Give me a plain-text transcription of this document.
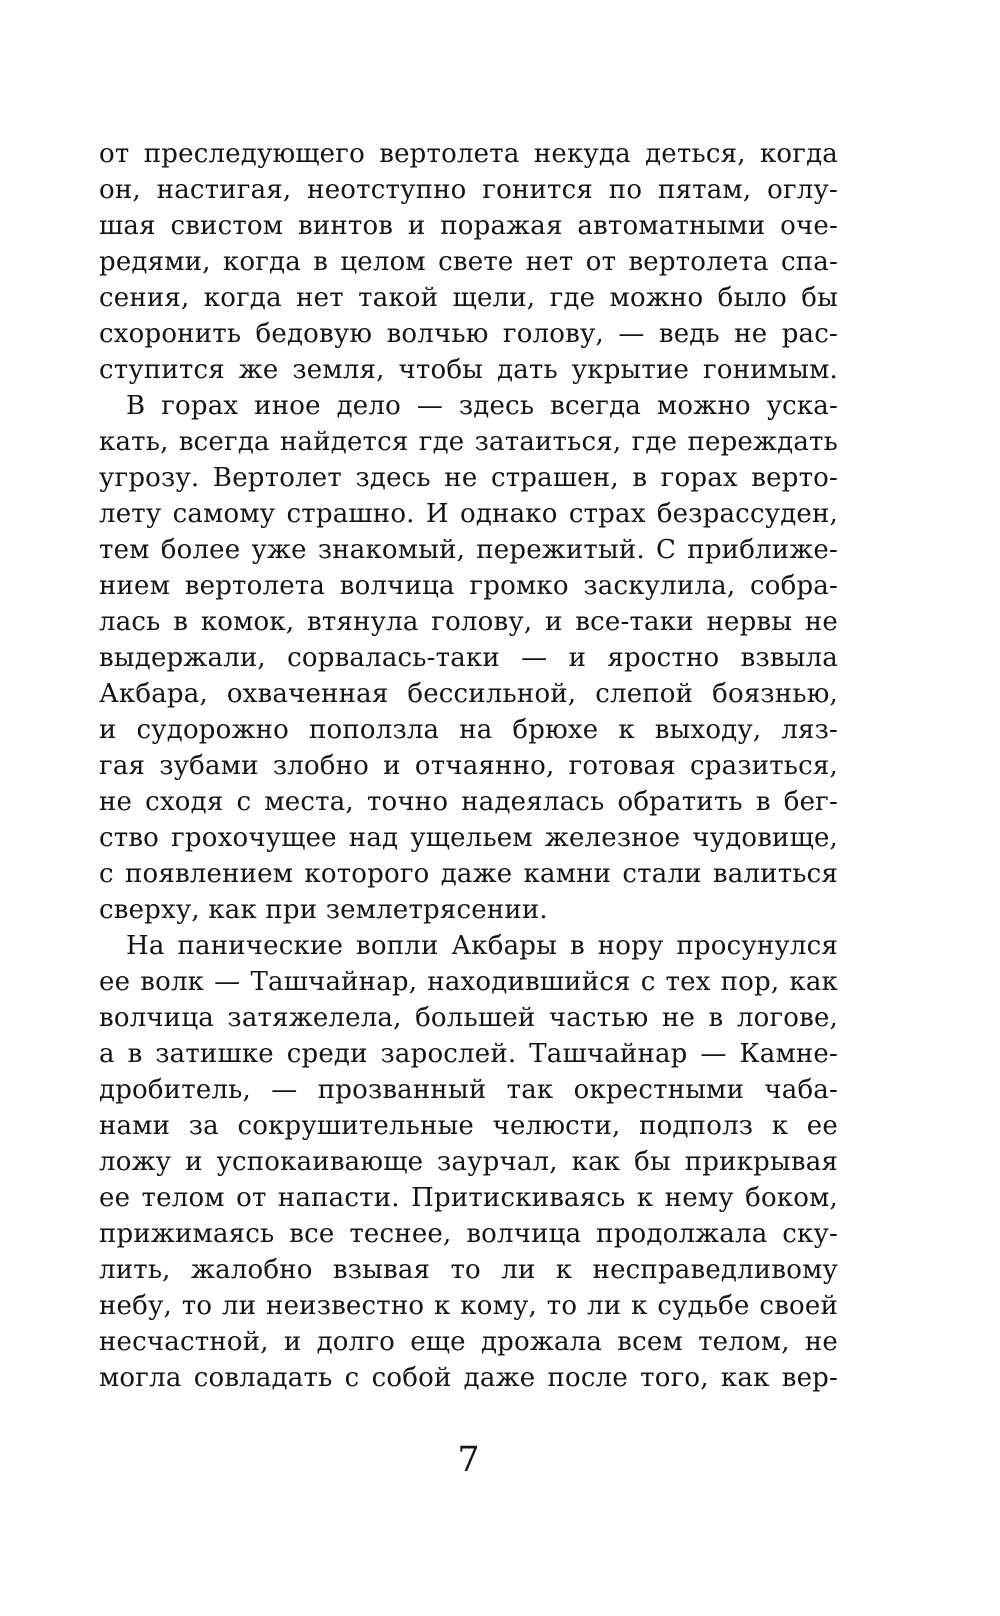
от преследующего вертолета некуда деться, когда
он, настигая, неотступно гонится по пятам, оглу-
шая свистом винтов и поражая автоматными оче-
редями, когда в целом свете нет от вертолета спа-
сения, когда нет такой щели, где можно было бы
схоронить бедовую волчью голову, — ведь не рас-
ступится же земля, чтобы дать укрытие гонимым.
В горах иное дело — здесь всегда можно уска-
кать, всегда найдется где затаиться, где переждать
угрозу. Вертолет здесь не страшен, в горах верто-
лету самому страшно. И однако страх безрассуден,
тем более уже знакомый, пережитый. С приближе-
нием вертолета волчица громко заскулила, собра-
лась в комок, втянула голову, и все-таки нервы не
выдержали, сорвалась-таки — и яростно взвыла
Акбара, охваченная бессильной, слепой боязнью,
и судорожно поползла на брюхе к выходу, ляз-
гая зубами злобно и отчаянно, готовая сразиться,
не сходя с места, точно надеялась обратить в бег-
ство грохочущее над ущельем железное чудовище,
с появлением которого даже камни стали валиться
сверху, как при землетрясении.
На панические вопли Акбары в нору просунулся
ее волк — Ташчайнар, находившийся с тех пор, как
волчица затяжелела, большей частью не в логове,
а в затишке среди зарослей. Ташчайнар — Камне-
дробитель, — прозванный так окрестными чаба-
нами за сокрушительные челюсти, подполз к ее
ложу и успокаивающе заурчал, как бы прикрывая
ее телом от напасти. Притискиваясь к нему боком,
прижимаясь все теснее, волчица продолжала ску-
лить, жалобно взывая то ли к несправедливому
небу, то ли неизвестно к кому, то ли к судьбе своей
несчастной, и долго еще дрожала всем телом, не
могла совладать с собой даже после того, как вер-
7
